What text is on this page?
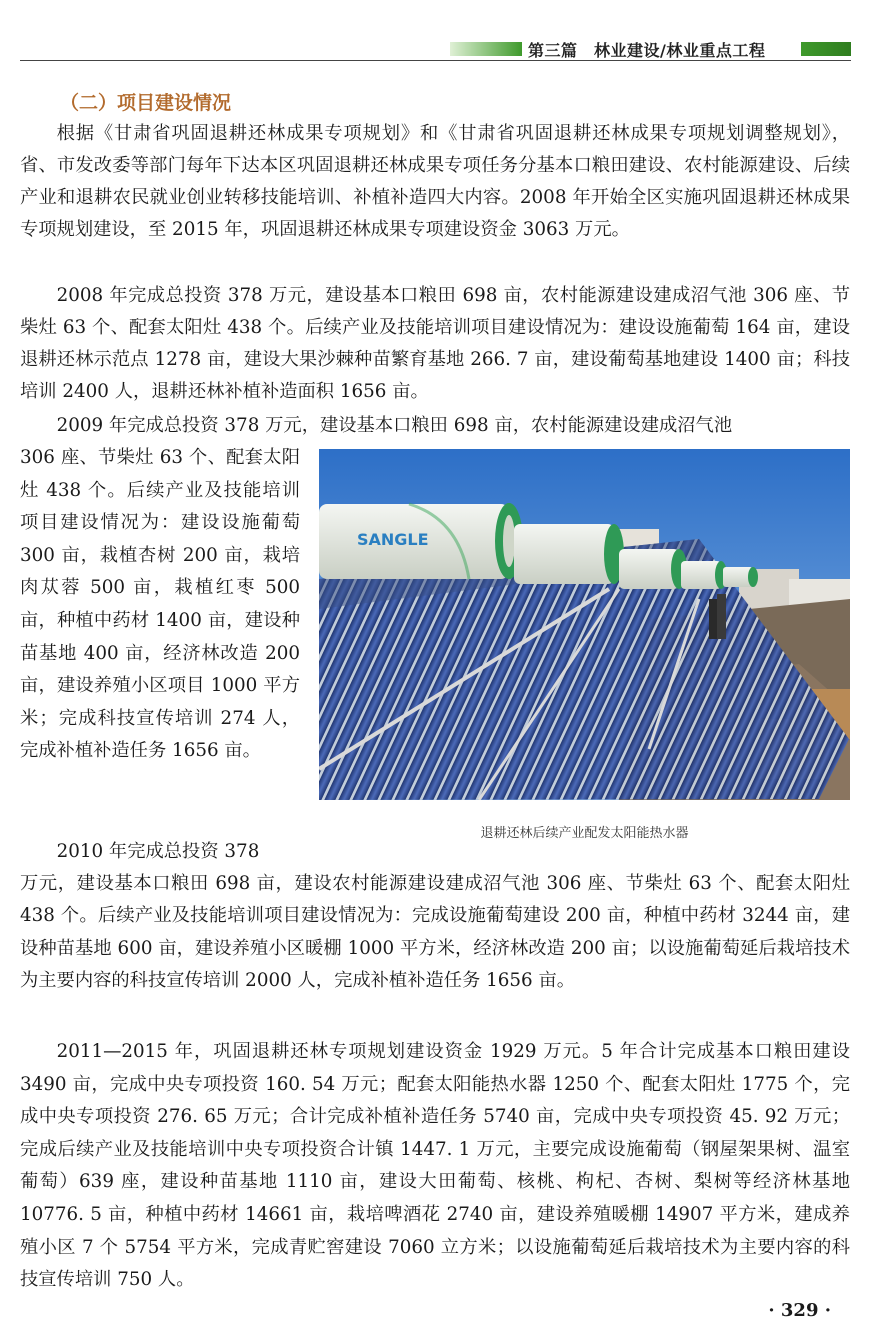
第三篇　林业建设/林业重点工程
（二）项目建设情况

根据《甘肃省巩固退耕还林成果专项规划》和《甘肃省巩固退耕还林成果专项规划调整规划》，省、市发改委等部门每年下达本区巩固退耕还林成果专项任务分基本口粮田建设、农村能源建设、后续产业和退耕农民就业创业转移技能培训、补植补造四大内容。2008 年开始全区实施巩固退耕还林成果专项规划建设，至 2015 年，巩固退耕还林成果专项建设资金 3063 万元。

2008 年完成总投资 378 万元，建设基本口粮田 698 亩，农村能源建设建成沼气池 306 座、节柴灶 63 个、配套太阳灶 438 个。后续产业及技能培训项目建设情况为：建设设施葡萄 164 亩，建设退耕还林示范点 1278 亩，建设大果沙棘种苗繁育基地 266. 7 亩，建设葡萄基地建设 1400 亩；科技培训 2400 人，退耕还林补植补造面积 1656 亩。

2009 年完成总投资 378 万元，建设基本口粮田 698 亩，农村能源建设建成沼气池

306 座、节柴灶 63 个、配套太阳灶 438 个。后续产业及技能培训项目建设情况为：建设设施葡萄 300 亩，栽植杏树 200 亩，栽培肉苁蓉 500 亩，栽植红枣 500 亩，种植中药材 1400 亩，建设种苗基地 400 亩，经济林改造 200 亩，建设养殖小区项目 1000 平方米；完成科技宣传培训 274 人，完成补植补造任务 1656 亩。

SANGLE
退耕还林后续产业配发太阳能热水器
2010 年完成总投资 378

万元，建设基本口粮田 698 亩，建设农村能源建设建成沼气池 306 座、节柴灶 63 个、配套太阳灶 438 个。后续产业及技能培训项目建设情况为：完成设施葡萄建设 200 亩，种植中药材 3244 亩，建设种苗基地 600 亩，建设养殖小区暖棚 1000 平方米，经济林改造 200 亩；以设施葡萄延后栽培技术为主要内容的科技宣传培训 2000 人，完成补植补造任务 1656 亩。

2011—2015 年，巩固退耕还林专项规划建设资金 1929 万元。5 年合计完成基本口粮田建设 3490 亩，完成中央专项投资 160. 54 万元；配套太阳能热水器 1250 个、配套太阳灶 1775 个，完成中央专项投资 276. 65 万元；合计完成补植补造任务 5740 亩，完成中央专项投资 45. 92 万元；完成后续产业及技能培训中央专项投资合计镇 1447. 1 万元，主要完成设施葡萄（钢屋架果树、温室葡萄）639 座，建设种苗基地 1110 亩，建设大田葡萄、核桃、枸杞、杏树、梨树等经济林基地 10776. 5 亩，种植中药材 14661 亩，栽培啤酒花 2740 亩，建设养殖暖棚 14907 平方米，建成养殖小区 7 个 5754 平方米，完成青贮窖建设 7060 立方米；以设施葡萄延后栽培技术为主要内容的科技宣传培训 750 人。

· 329 ·
